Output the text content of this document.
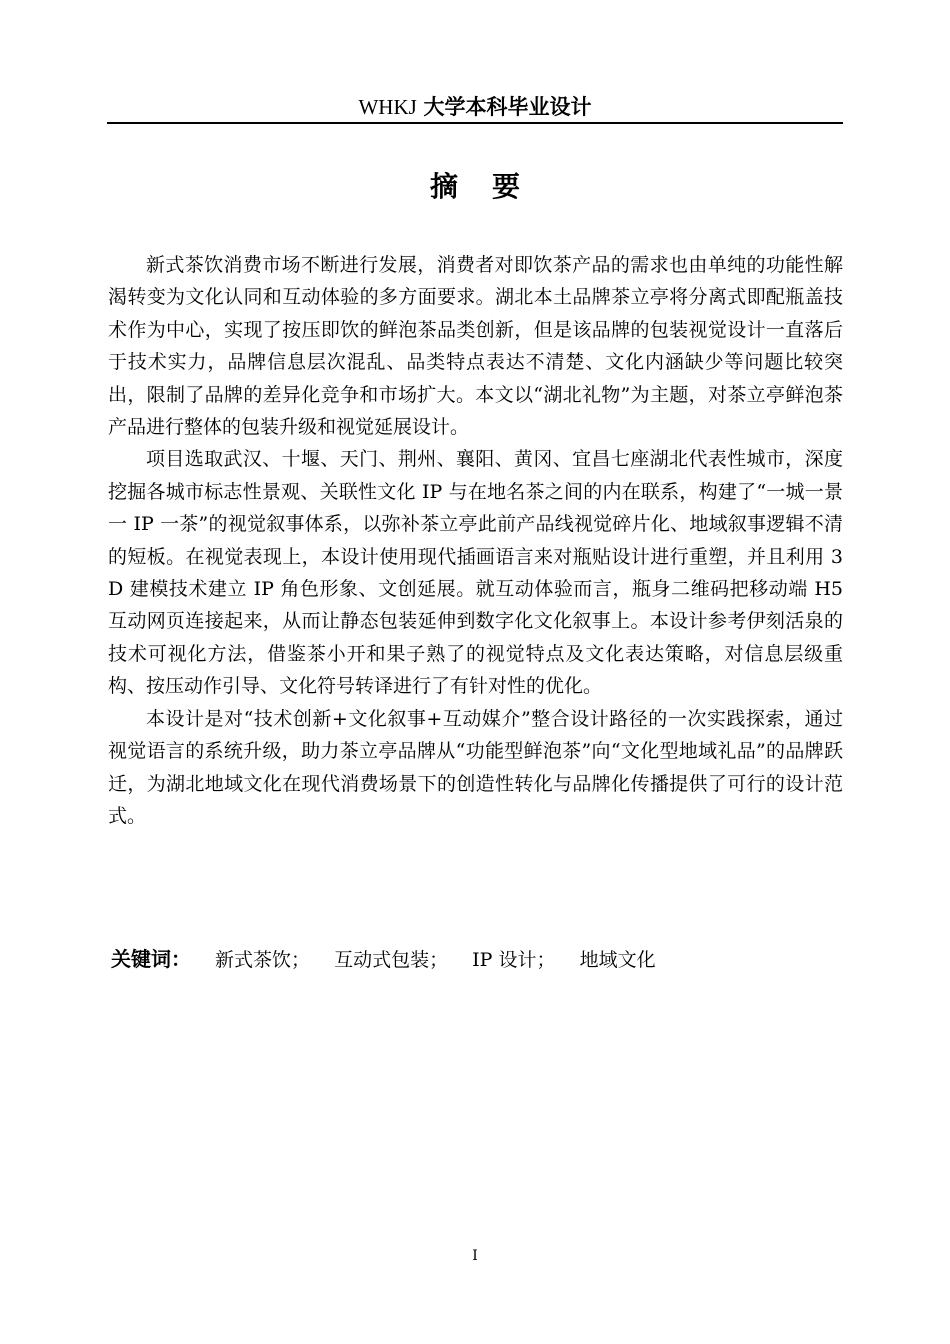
WHKJ 大学本科毕业设计
摘要

新式茶饮消费市场不断进行发展，消费者对即饮茶产品的需求也由单纯的功能性解渴转变为文化认同和互动体验的多方面要求。湖北本土品牌茶立亭将分离式即配瓶盖技术作为中心，实现了按压即饮的鲜泡茶品类创新，但是该品牌的包装视觉设计一直落后于技术实力，品牌信息层次混乱、品类特点表达不清楚、文化内涵缺少等问题比较突出，限制了品牌的差异化竞争和市场扩大。本文以“湖北礼物”为主题，对茶立亭鲜泡茶产品进行整体的包装升级和视觉延展设计。

项目选取武汉、十堰、天门、荆州、襄阳、黄冈、宜昌七座湖北代表性城市，深度挖掘各城市标志性景观、关联性文化 IP 与在地名茶之间的内在联系，构建了“一城一景一 IP 一茶”的视觉叙事体系，以弥补茶立亭此前产品线视觉碎片化、地域叙事逻辑不清的短板。在视觉表现上，本设计使用现代插画语言来对瓶贴设计进行重塑，并且利用 3D 建模技术建立 IP 角色形象、文创延展。就互动体验而言，瓶身二维码把移动端 H5 互动网页连接起来，从而让静态包装延伸到数字化文化叙事上。本设计参考伊刻活泉的技术可视化方法，借鉴茶小开和果子熟了的视觉特点及文化表达策略，对信息层级重构、按压动作引导、文化符号转译进行了有针对性的优化。

本设计是对“技术创新+文化叙事+互动媒介”整合设计路径的一次实践探索，通过视觉语言的系统升级，助力茶立亭品牌从“功能型鲜泡茶”向“文化型地域礼品”的品牌跃迁，为湖北地域文化在现代消费场景下的创造性转化与品牌化传播提供了可行的设计范式。

关键词： 新式茶饮； 互动式包装； IP 设计； 地域文化
I
